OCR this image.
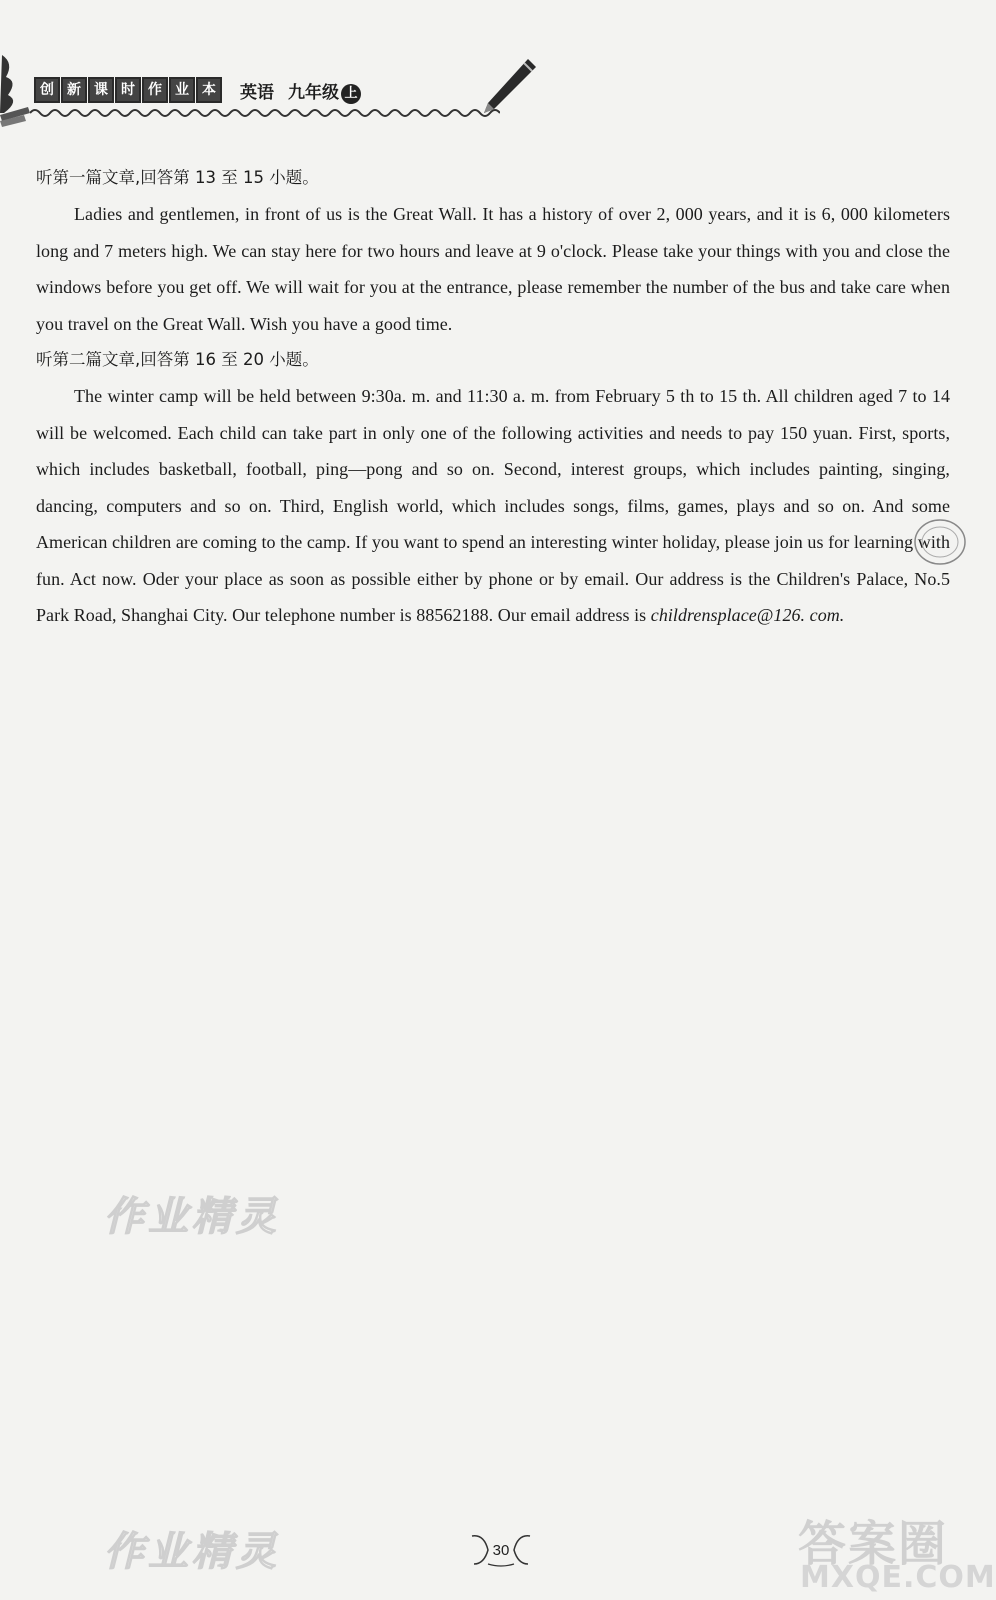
创 新 课 时 作 业 本	英语 九年级 上

听第一篇文章,回答第 13 至 15 小题。

Ladies and gentlemen, in front of us is the Great Wall. It has a history of over 2, 000 years, and it is 6, 000 kilometers long and 7 meters high. We can stay here for two hours and leave at 9 o'clock. Please take your things with you and close the windows before you get off. We will wait for you at the entrance, please remember the number of the bus and take care when you travel on the Great Wall. Wish you have a good time.

听第二篇文章,回答第 16 至 20 小题。

The winter camp will be held between 9:30a. m. and 11:30 a. m. from February 5 th to 15 th. All children aged 7 to 14 will be welcomed. Each child can take part in only one of the following activities and needs to pay 150 yuan. First, sports, which includes basketball, football, ping—pong and so on. Second, interest groups, which includes painting, singing, dancing, computers and so on. Third, English world, which includes songs, films, games, plays and so on. And some American children are coming to the camp. If you want to spend an interesting winter holiday, please join us for learning with fun. Act now. Oder your place as soon as possible either by phone or by email. Our address is the Children's Palace, No.5 Park Road, Shanghai City. Our telephone number is 88562188. Our email address is childrensplace@126. com.

作业精灵
作业精灵	答案圈
MXQE.COM
30
